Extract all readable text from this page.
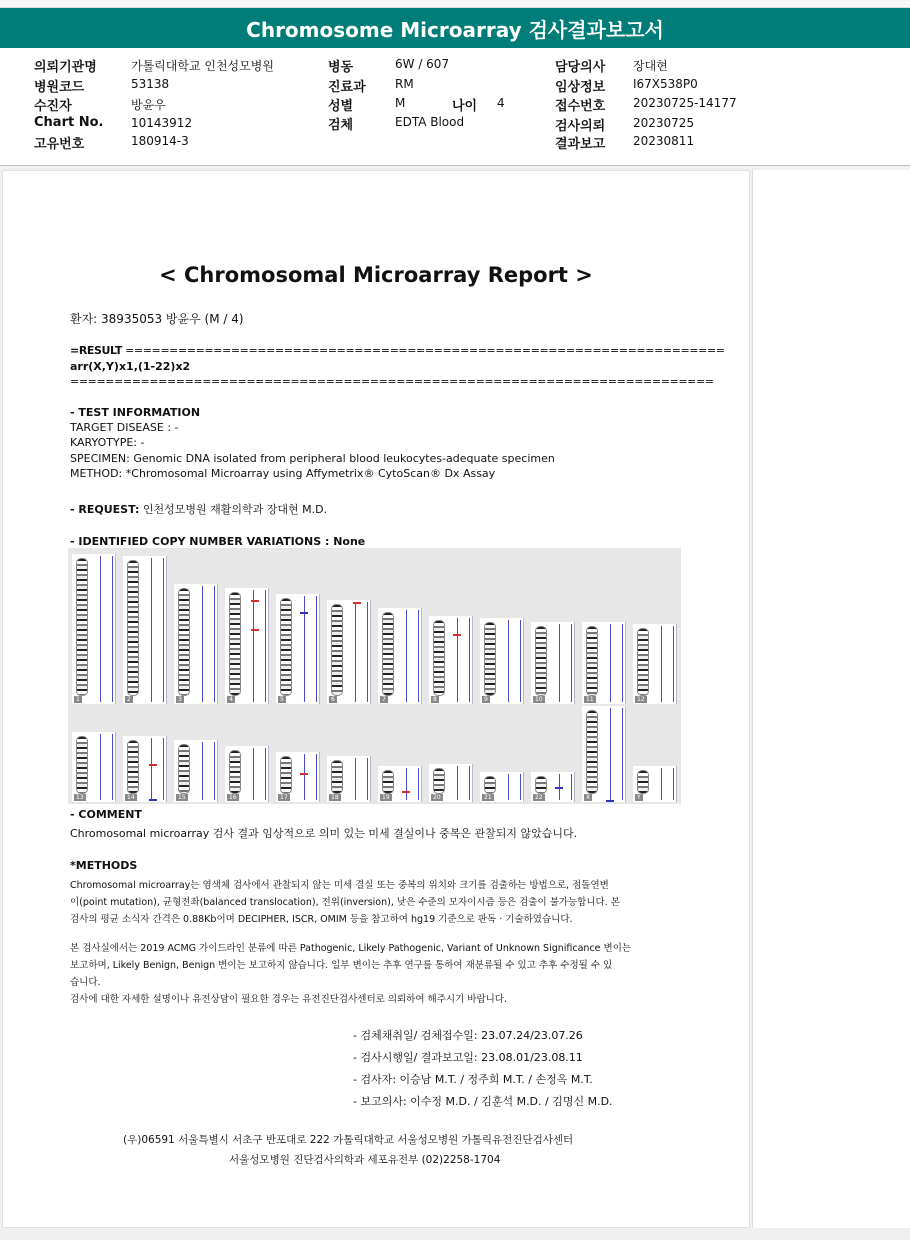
Chromosome Microarray 검사결과보고서
의뢰기관명	가톨릭대학교 인천성모병원
병원코드	53138
수진자	방윤우
Chart No. 10143912
고유번호	180914-3
병동	6W / 607
진료과 RM
성별	M	나이 4
검체	EDTA Blood
담당의사 장대현
임상정보 I67X538P0
접수번호 20230725-14177
검사의뢰 20230725
결과보고 20230811
< Chromosomal Microarray Report >
환자: 38935053 방윤우 (M / 4)
=RESULT ====================================================================
arr(X,Y)x1,(1-22)x2
=========================================================================
- TEST INFORMATION
TARGET DISEASE : -
KARYOTYPE: -
SPECIMEN: Genomic DNA isolated from peripheral blood leukocytes-adequate specimen
METHOD: *Chromosomal Microarray using Affymetrix® CytoScan® Dx Assay
- REQUEST: 인천성모병원 재활의학과 장대현 M.D.
- IDENTIFIED COPY NUMBER VARIATIONS : None
- COMMENT
Chromosomal microarray 검사 결과 임상적으로 의미 있는 미세 결실이나 중복은 관찰되지 않았습니다.
*METHODS
Chromosomal microarray는 염색체 검사에서 관찰되지 않는 미세 결실 또는 중복의 위치와 크기를 검출하는 방법으로, 점돌연변
이(point mutation), 균형전좌(balanced translocation), 전위(inversion), 낮은 수준의 모자이시즘 등은 검출이 불가능합니다. 본
검사의 평균 소식자 간격은 0.88Kb이며 DECIPHER, ISCR, OMIM 등을 참고하여 hg19 기준으로 판독 · 기술하였습니다.
본 검사실에서는 2019 ACMG 가이드라인 분류에 따른 Pathogenic, Likely Pathogenic, Variant of Unknown Significance 변이는
보고하며, Likely Benign, Benign 변이는 보고하지 않습니다. 일부 변이는 추후 연구를 통하여 재분류될 수 있고 추후 수정될 수 있
습니다.
검사에 대한 자세한 설명이나 유전상담이 필요한 경우는 유전진단검사센터로 의뢰하여 해주시기 바랍니다.
- 검체채취일/ 검체접수일: 23.07.24/23.07.26
- 검사시행일/ 결과보고일: 23.08.01/23.08.11
- 검사자: 이승남 M.T. / 정주희 M.T. / 손정옥 M.T.
- 보고의사: 이수정 M.D. / 김훈석 M.D. / 김명신 M.D.
(우)06591 서울특별시 서초구 반포대로 222 가톨릭대학교 서울성모병원 가톨릭유전진단검사센터
서울성모병원 진단검사의학과 세포유전부 (02)2258-1704
1	2	3	4	5	6	7	8	9	10	11	12
13	14	15	16	17	18	19	20	21	22	X	Y
